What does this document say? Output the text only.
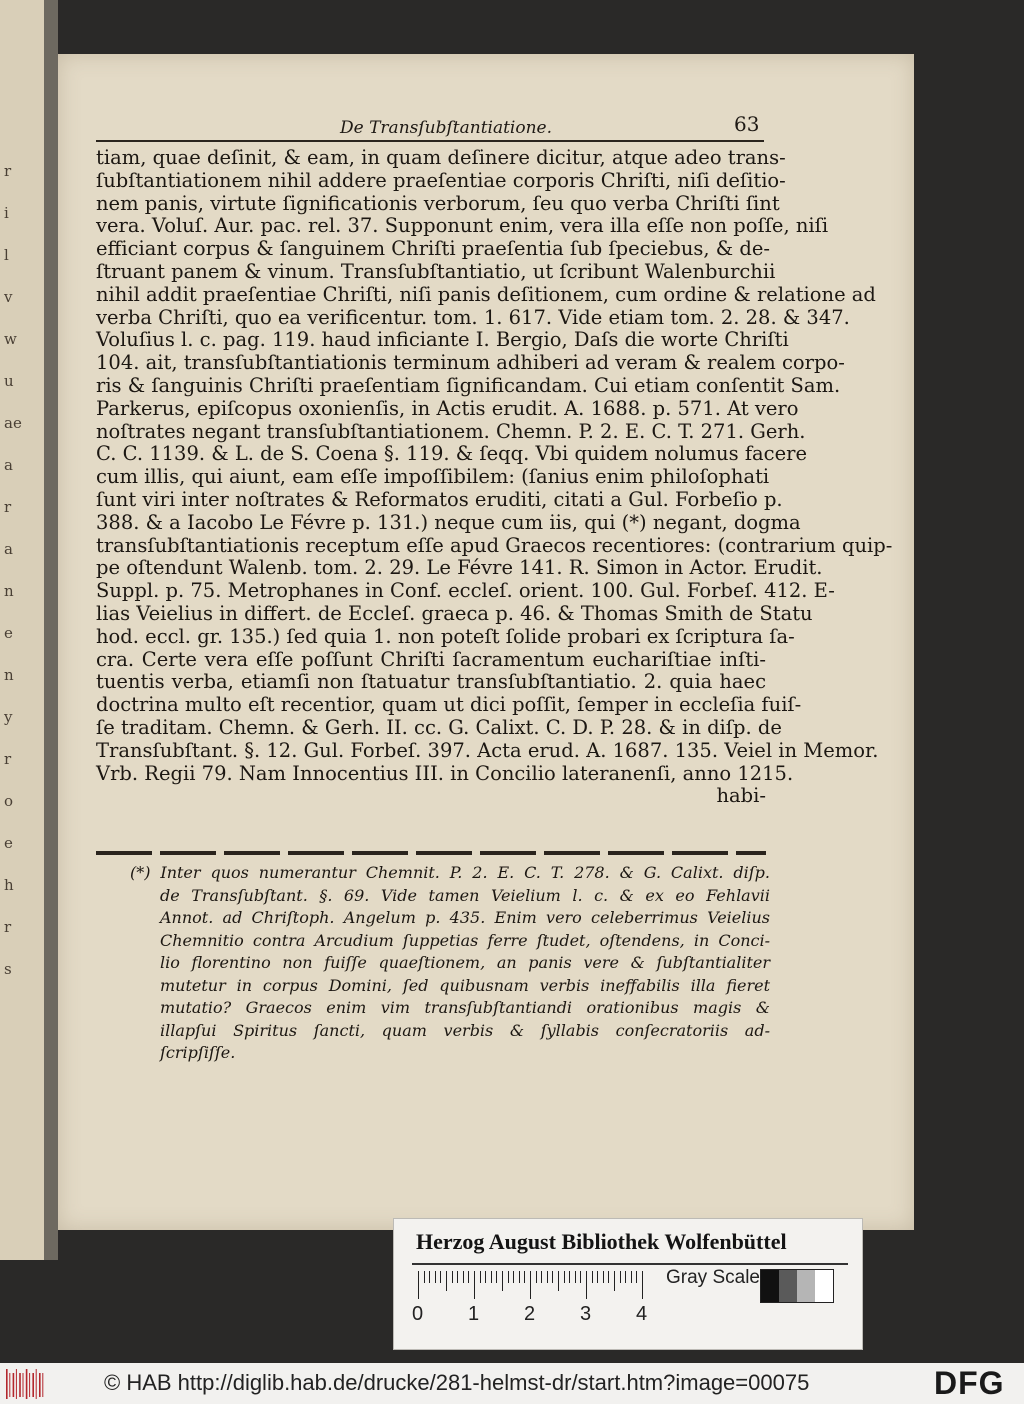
r
i
l
v
w
u
ae
a
r
a
n
e
n
y
r
o
e
h
r
s
De Transſubſtantiatione.	63
tiam, quae deſinit, & eam, in quam deſinere dicitur, atque adeo trans-
ſubſtantiationem nihil addere praeſentiae corporis Chriſti, niſi deſitio-
nem panis, virtute ſignificationis verborum, ſeu quo verba Chriſti ſint
vera. Voluſ. Aur. pac. rel. 37. Supponunt enim, vera illa eſſe non poſſe, niſi
efficiant corpus & ſanguinem Chriſti praeſentia ſub ſpeciebus, & de-
ſtruant panem & vinum. Transſubſtantiatio, ut ſcribunt Walenburchii
nihil addit praeſentiae Chriſti, niſi panis deſitionem, cum ordine & relatione ad
verba Chriſti, quo ea verificentur. tom. 1. 617. Vide etiam tom. 2. 28. & 347.
Voluſius l. c. pag. 119. haud inficiante I. Bergio, Daſs die worte Chriſti
104. ait, transſubſtantiationis terminum adhiberi ad veram & realem corpo-
ris & ſanguinis Chriſti praeſentiam ſignificandam. Cui etiam conſentit Sam.
Parkerus, epiſcopus oxonienſis, in Actis erudit. A. 1688. p. 571. At vero
noſtrates negant transſubſtantiationem. Chemn. P. 2. E. C. T. 271. Gerh.
C. C. 1139. & L. de S. Coena §. 119. & ſeqq. Vbi quidem nolumus facere
cum illis, qui aiunt, eam eſſe impoſſibilem: (ſanius enim philoſophati
ſunt viri inter noſtrates & Reformatos eruditi, citati a Gul. Forbeſio p.
388. & a Iacobo Le Févre p. 131.) neque cum iis, qui (*) negant, dogma
transſubſtantiationis receptum eſſe apud Graecos recentiores: (contrarium quip-
pe oſtendunt Walenb. tom. 2. 29. Le Févre 141. R. Simon in Actor. Erudit.
Suppl. p. 75. Metrophanes in Conf. eccleſ. orient. 100. Gul. Forbeſ. 412. E-
lias Veielius in differt. de Eccleſ. graeca p. 46. & Thomas Smith de Statu
hod. eccl. gr. 135.) ſed quia 1. non poteſt ſolide probari ex ſcriptura ſa-
cra. Certe vera eſſe poſſunt Chriſti ſacramentum euchariſtiae inſti-
tuentis verba, etiamſi non ſtatuatur transſubſtantiatio. 2. quia haec
doctrina multo eſt recentior, quam ut dici poſſit, ſemper in eccleſia fuiſ-
ſe traditam. Chemn. & Gerh. II. cc. G. Calixt. C. D. P. 28. & in diſp. de
Transſubſtant. §. 12. Gul. Forbeſ. 397. Acta erud. A. 1687. 135. Veiel in Memor.
Vrb. Regii 79. Nam Innocentius III. in Concilio lateranenſi, anno 1215.
habi-
(*) Inter quos numerantur Chemnit. P. 2. E. C. T. 278. & G. Calixt. diſp.
de Transſubſtant. §. 69. Vide tamen Veielium l. c. & ex eo Fehlavii
Annot. ad Chriſtoph. Angelum p. 435. Enim vero celeberrimus Veielius
Chemnitio contra Arcudium ſuppetias ferre ſtudet, oſtendens, in Conci-
lio florentino non fuiſſe quaeſtionem, an panis vere & ſubſtantialiter
mutetur in corpus Domini, ſed quibusnam verbis ineffabilis illa fieret
mutatio? Graecos enim vim transſubſtantiandi orationibus magis &
illapſui Spiritus ſancti, quam verbis & ſyllabis conſecratoriis ad-
ſcripſiſſe.
Herzog August Bibliothek Wolfenbüttel
0 1 2 3 4
Gray Scale
© HAB http://diglib.hab.de/drucke/281-helmst-dr/start.htm?image=00075	DFG
